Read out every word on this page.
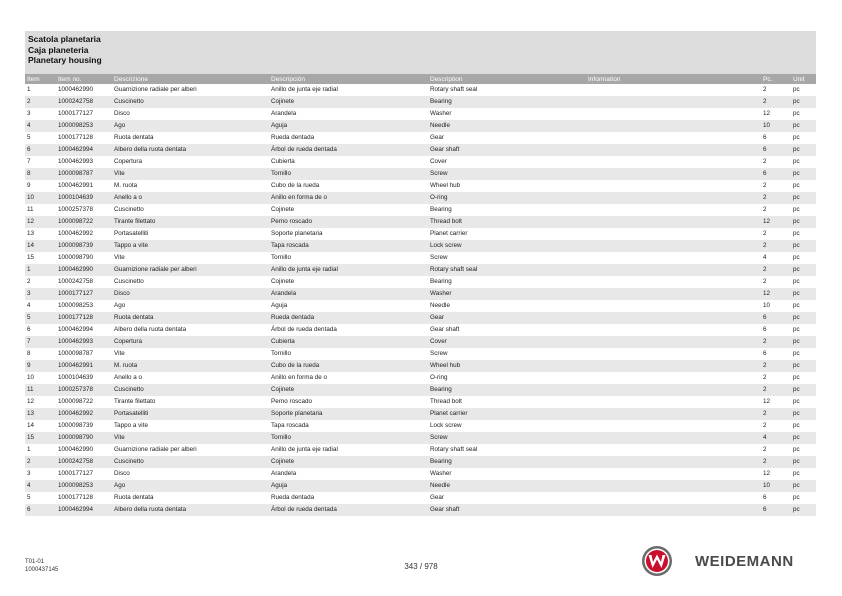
Scatola planetaria
Caja planeteria
Planetary housing
Item	Item no.	Descrizione	Descripción	Description	Information	Pc.	Unit
1	1000462990	Guarnizione radiale per alberi	Anillo de junta eje radial	Rotary shaft seal		2	pc
2	1000242758	Cuscinetto	Cojinete	Bearing		2	pc
3	1000177127	Disco	Arandela	Washer		12	pc
4	1000098253	Ago	Aguja	Needle		10	pc
5	1000177128	Ruota dentata	Rueda dentada	Gear		6	pc
6	1000462994	Albero della ruota dentata	Árbol de rueda dentada	Gear shaft		6	pc
7	1000462993	Copertura	Cubierta	Cover		2	pc
8	1000098787	Vite	Tornillo	Screw		6	pc
9	1000462991	M. ruota	Cubo de la rueda	Wheel hub		2	pc
10	1000104639	Anello a o	Anillo en forma de o	O-ring		2	pc
11	1000257378	Cuscinetto	Cojinete	Bearing		2	pc
12	1000098722	Tirante filettato	Perno roscado	Thread bolt		12	pc
13	1000462992	Portasatelliti	Soporte planetaria	Planet carrier		2	pc
14	1000098739	Tappo a vite	Tapa roscada	Lock screw		2	pc
15	1000098790	Vite	Tornillo	Screw		4	pc
1	1000462990	Guarnizione radiale per alberi	Anillo de junta eje radial	Rotary shaft seal		2	pc
2	1000242758	Cuscinetto	Cojinete	Bearing		2	pc
3	1000177127	Disco	Arandela	Washer		12	pc
4	1000098253	Ago	Aguja	Needle		10	pc
5	1000177128	Ruota dentata	Rueda dentada	Gear		6	pc
6	1000462994	Albero della ruota dentata	Árbol de rueda dentada	Gear shaft		6	pc
7	1000462993	Copertura	Cubierta	Cover		2	pc
8	1000098787	Vite	Tornillo	Screw		6	pc
9	1000462991	M. ruota	Cubo de la rueda	Wheel hub		2	pc
10	1000104639	Anello a o	Anillo en forma de o	O-ring		2	pc
11	1000257378	Cuscinetto	Cojinete	Bearing		2	pc
12	1000098722	Tirante filettato	Perno roscado	Thread bolt		12	pc
13	1000462992	Portasatelliti	Soporte planetaria	Planet carrier		2	pc
14	1000098739	Tappo a vite	Tapa roscada	Lock screw		2	pc
15	1000098790	Vite	Tornillo	Screw		4	pc
1	1000462990	Guarnizione radiale per alberi	Anillo de junta eje radial	Rotary shaft seal		2	pc
2	1000242758	Cuscinetto	Cojinete	Bearing		2	pc
3	1000177127	Disco	Arandela	Washer		12	pc
4	1000098253	Ago	Aguja	Needle		10	pc
5	1000177128	Ruota dentata	Rueda dentada	Gear		6	pc
6	1000462994	Albero della ruota dentata	Árbol de rueda dentada	Gear shaft		6	pc
T01-01
1000437145	343 / 978	WEIDEMANN
